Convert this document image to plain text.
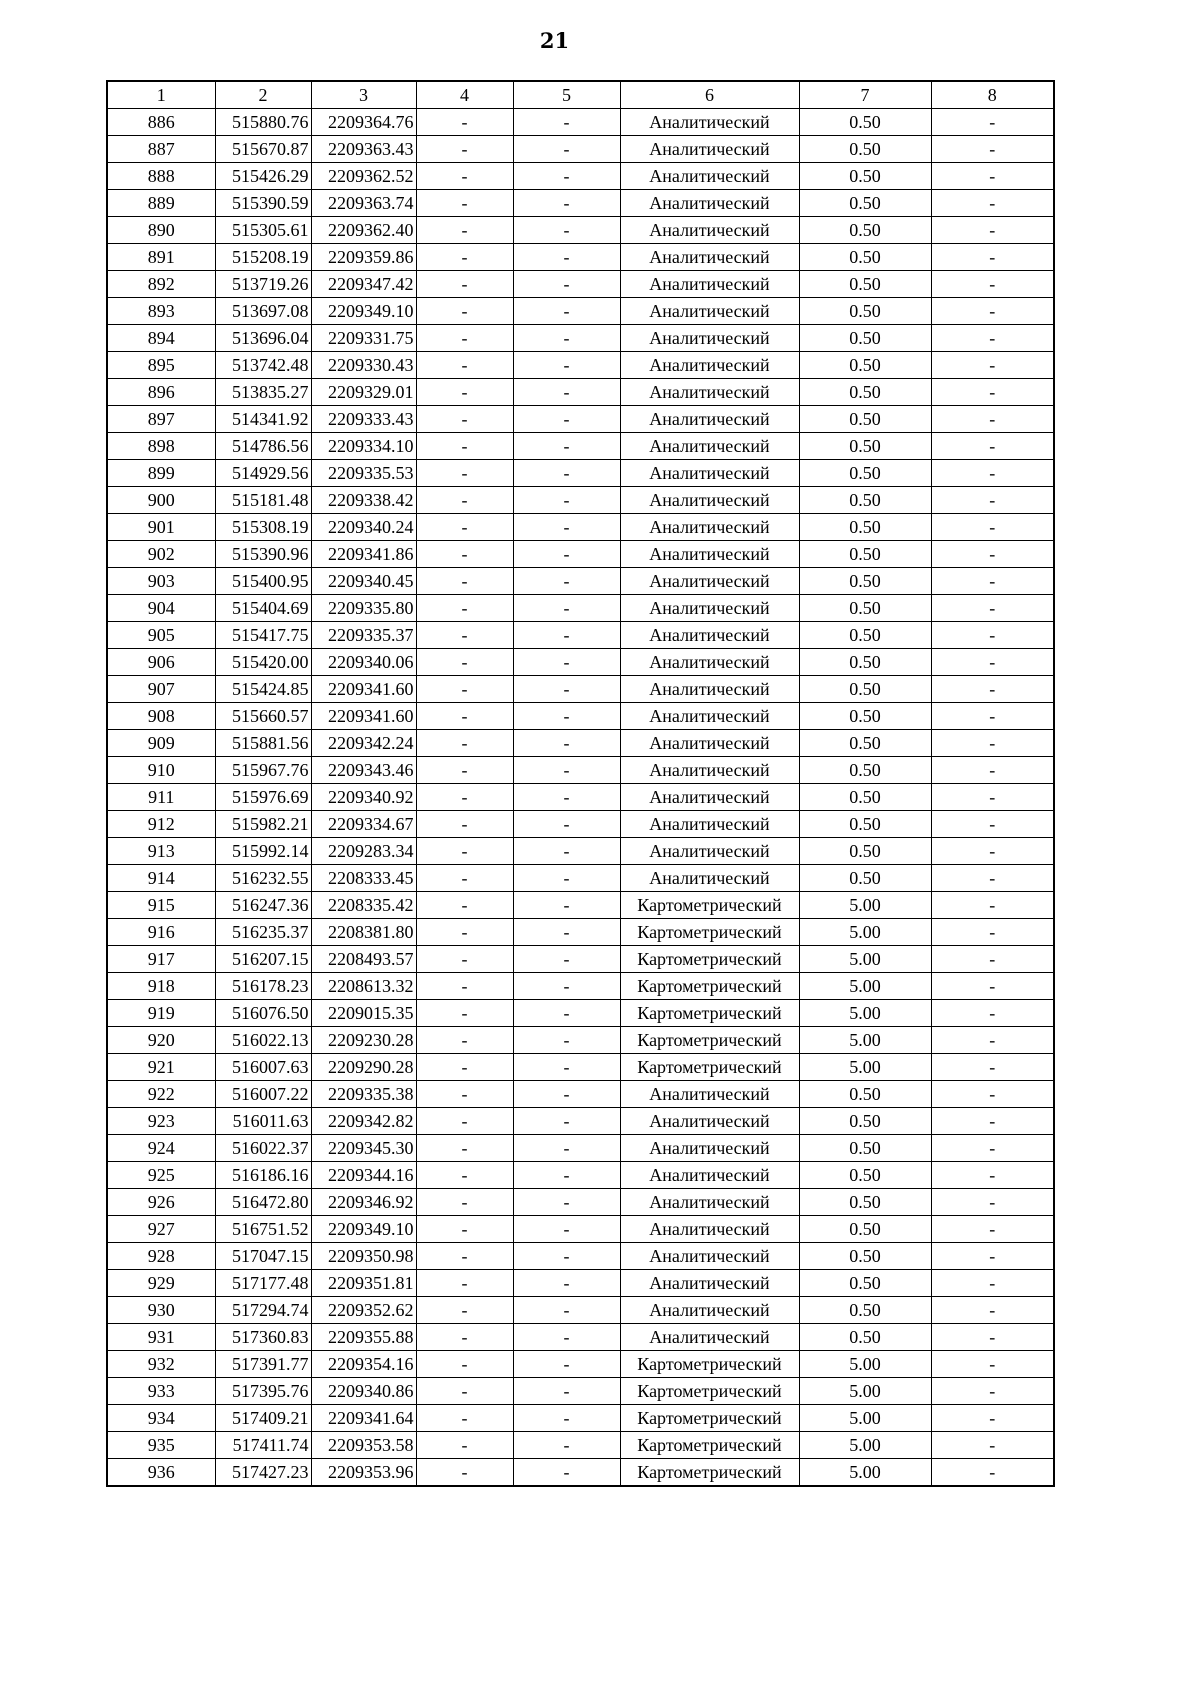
21
1	2	3	4	5	6	7	8
886	515880.76	2209364.76	-	-	Аналитический	0.50	-
887	515670.87	2209363.43	-	-	Аналитический	0.50	-
888	515426.29	2209362.52	-	-	Аналитический	0.50	-
889	515390.59	2209363.74	-	-	Аналитический	0.50	-
890	515305.61	2209362.40	-	-	Аналитический	0.50	-
891	515208.19	2209359.86	-	-	Аналитический	0.50	-
892	513719.26	2209347.42	-	-	Аналитический	0.50	-
893	513697.08	2209349.10	-	-	Аналитический	0.50	-
894	513696.04	2209331.75	-	-	Аналитический	0.50	-
895	513742.48	2209330.43	-	-	Аналитический	0.50	-
896	513835.27	2209329.01	-	-	Аналитический	0.50	-
897	514341.92	2209333.43	-	-	Аналитический	0.50	-
898	514786.56	2209334.10	-	-	Аналитический	0.50	-
899	514929.56	2209335.53	-	-	Аналитический	0.50	-
900	515181.48	2209338.42	-	-	Аналитический	0.50	-
901	515308.19	2209340.24	-	-	Аналитический	0.50	-
902	515390.96	2209341.86	-	-	Аналитический	0.50	-
903	515400.95	2209340.45	-	-	Аналитический	0.50	-
904	515404.69	2209335.80	-	-	Аналитический	0.50	-
905	515417.75	2209335.37	-	-	Аналитический	0.50	-
906	515420.00	2209340.06	-	-	Аналитический	0.50	-
907	515424.85	2209341.60	-	-	Аналитический	0.50	-
908	515660.57	2209341.60	-	-	Аналитический	0.50	-
909	515881.56	2209342.24	-	-	Аналитический	0.50	-
910	515967.76	2209343.46	-	-	Аналитический	0.50	-
911	515976.69	2209340.92	-	-	Аналитический	0.50	-
912	515982.21	2209334.67	-	-	Аналитический	0.50	-
913	515992.14	2209283.34	-	-	Аналитический	0.50	-
914	516232.55	2208333.45	-	-	Аналитический	0.50	-
915	516247.36	2208335.42	-	-	Картометрический	5.00	-
916	516235.37	2208381.80	-	-	Картометрический	5.00	-
917	516207.15	2208493.57	-	-	Картометрический	5.00	-
918	516178.23	2208613.32	-	-	Картометрический	5.00	-
919	516076.50	2209015.35	-	-	Картометрический	5.00	-
920	516022.13	2209230.28	-	-	Картометрический	5.00	-
921	516007.63	2209290.28	-	-	Картометрический	5.00	-
922	516007.22	2209335.38	-	-	Аналитический	0.50	-
923	516011.63	2209342.82	-	-	Аналитический	0.50	-
924	516022.37	2209345.30	-	-	Аналитический	0.50	-
925	516186.16	2209344.16	-	-	Аналитический	0.50	-
926	516472.80	2209346.92	-	-	Аналитический	0.50	-
927	516751.52	2209349.10	-	-	Аналитический	0.50	-
928	517047.15	2209350.98	-	-	Аналитический	0.50	-
929	517177.48	2209351.81	-	-	Аналитический	0.50	-
930	517294.74	2209352.62	-	-	Аналитический	0.50	-
931	517360.83	2209355.88	-	-	Аналитический	0.50	-
932	517391.77	2209354.16	-	-	Картометрический	5.00	-
933	517395.76	2209340.86	-	-	Картометрический	5.00	-
934	517409.21	2209341.64	-	-	Картометрический	5.00	-
935	517411.74	2209353.58	-	-	Картометрический	5.00	-
936	517427.23	2209353.96	-	-	Картометрический	5.00	-
